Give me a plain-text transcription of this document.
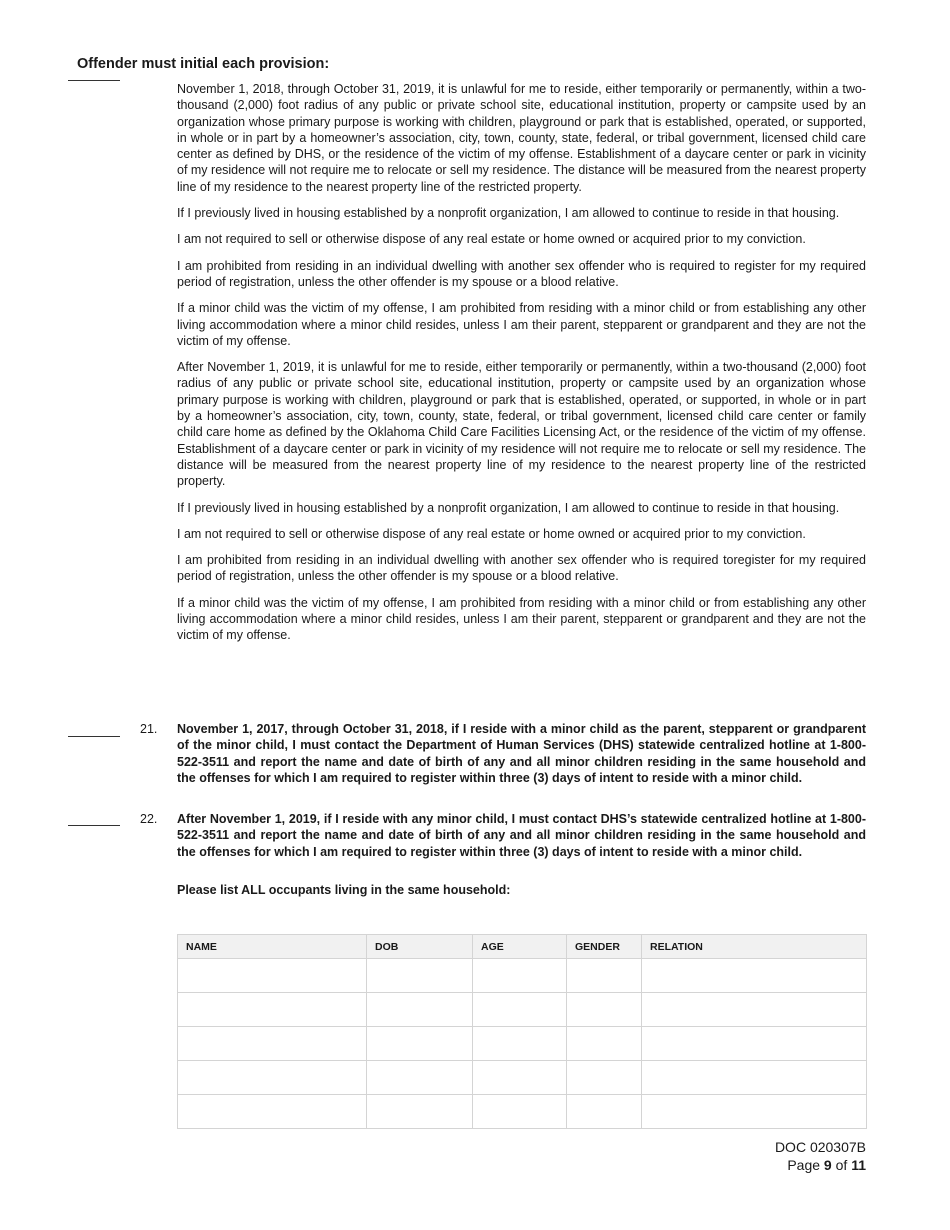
Offender must initial each provision:

November 1, 2018, through October 31, 2019, it is unlawful for me to reside, either temporarily or permanently, within a two-thousand (2,000) foot radius of any public or private school site, educational institution, property or campsite used by an organization whose primary purpose is working with children, playground or park that is established, operated, or supported, in whole or in part by a homeowner’s association, city, town, county, state, federal, or tribal government, licensed child care center as defined by DHS, or the residence of the victim of my offense. Establishment of a daycare center or park in vicinity of my residence will not require me to relocate or sell my residence. The distance will be measured from the nearest property line of my residence to the nearest property line of the restricted property.

If I previously lived in housing established by a nonprofit organization, I am allowed to continue to reside in that housing.

I am not required to sell or otherwise dispose of any real estate or home owned or acquired prior to my conviction.

I am prohibited from residing in an individual dwelling with another sex offender who is required to register for my required period of registration, unless the other offender is my spouse or a blood relative.

If a minor child was the victim of my offense, I am prohibited from residing with a minor child or from establishing any other living accommodation where a minor child resides, unless I am their parent, stepparent or grandparent and they are not the victim of my offense.

After November 1, 2019, it is unlawful for me to reside, either temporarily or permanently, within a two-thousand (2,000) foot radius of any public or private school site, educational institution, property or campsite used by an organization whose primary purpose is working with children, playground or park that is established, operated, or supported, in whole or in part by a homeowner’s association, city, town, county, state, federal, or tribal government, licensed child care center or family child care home as defined by the Oklahoma Child Care Facilities Licensing Act, or the residence of the victim of my offense. Establishment of a daycare center or park in vicinity of my residence will not require me to relocate or sell my residence. The distance will be measured from the nearest property line of my residence to the nearest property line of the restricted property.

If I previously lived in housing established by a nonprofit organization, I am allowed to continue to reside in that housing.

I am not required to sell or otherwise dispose of any real estate or home owned or acquired prior to my conviction.

I am prohibited from residing in an individual dwelling with another sex offender who is required toregister for my required period of registration, unless the other offender is my spouse or a blood relative.

If a minor child was the victim of my offense, I am prohibited from residing with a minor child or from establishing any other living accommodation where a minor child resides, unless I am their parent, stepparent or grandparent and they are not the victim of my offense.

21. November 1, 2017, through October 31, 2018, if I reside with a minor child as the parent, stepparent or grandparent of the minor child, I must contact the Department of Human Services (DHS) statewide centralized hotline at 1-800-522-3511 and report the name and date of birth of any and all minor children residing in the same household and the offenses for which I am required to register within three (3) days of intent to reside with a minor child.

22. After November 1, 2019, if I reside with any minor child, I must contact DHS’s statewide centralized hotline at 1-800-522-3511 and report the name and date of birth of any and all minor children residing in the same household and the offenses for which I am required to register within three (3) days of intent to reside with a minor child.

Please list ALL occupants living in the same household:

NAME	DOB	AGE	GENDER	RELATION

DOC 020307B
Page 9 of 11
